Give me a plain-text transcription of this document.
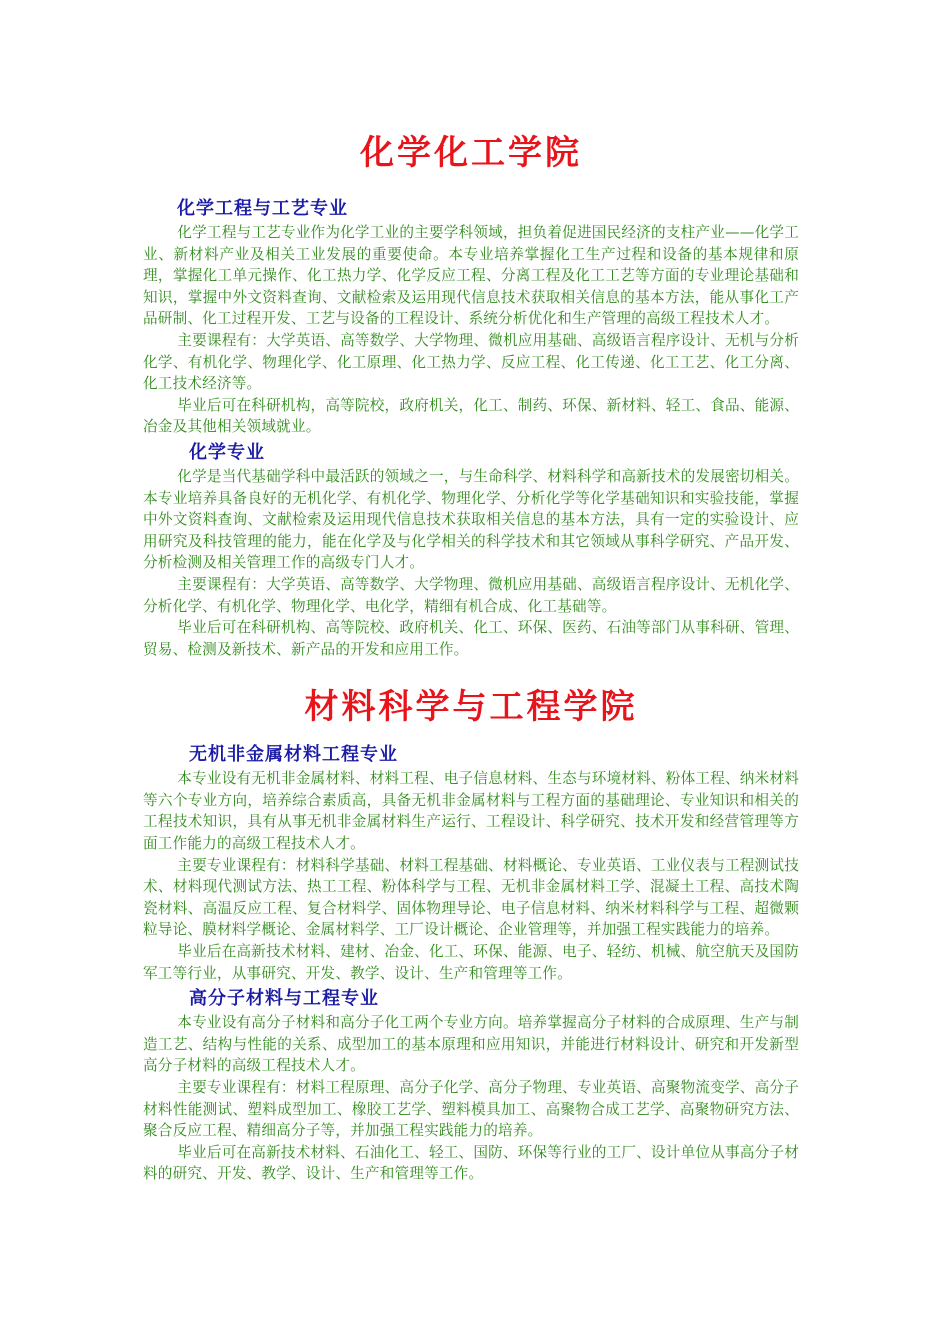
化学化工学院
化学工程与工艺专业

化学工程与工艺专业作为化学工业的主要学科领域，担负着促进国民经济的支柱产业——化学工业、新材料产业及相关工业发展的重要使命。本专业培养掌握化工生产过程和设备的基本规律和原理，掌握化工单元操作、化工热力学、化学反应工程、分离工程及化工工艺等方面的专业理论基础和知识，掌握中外文资料查询、文献检索及运用现代信息技术获取相关信息的基本方法，能从事化工产品研制、化工过程开发、工艺与设备的工程设计、系统分析优化和生产管理的高级工程技术人才。

主要课程有：大学英语、高等数学、大学物理、微机应用基础、高级语言程序设计、无机与分析化学、有机化学、物理化学、化工原理、化工热力学、反应工程、化工传递、化工工艺、化工分离、化工技术经济等。

毕业后可在科研机构，高等院校，政府机关，化工、制药、环保、新材料、轻工、食品、能源、冶金及其他相关领域就业。

化学专业

化学是当代基础学科中最活跃的领域之一，与生命科学、材料科学和高新技术的发展密切相关。本专业培养具备良好的无机化学、有机化学、物理化学、分析化学等化学基础知识和实验技能，掌握中外文资料查询、文献检索及运用现代信息技术获取相关信息的基本方法，具有一定的实验设计、应用研究及科技管理的能力，能在化学及与化学相关的科学技术和其它领域从事科学研究、产品开发、分析检测及相关管理工作的高级专门人才。

主要课程有：大学英语、高等数学、大学物理、微机应用基础、高级语言程序设计、无机化学、分析化学、有机化学、物理化学、电化学，精细有机合成、化工基础等。

毕业后可在科研机构、高等院校、政府机关、化工、环保、医药、石油等部门从事科研、管理、贸易、检测及新技术、新产品的开发和应用工作。

材料科学与工程学院
无机非金属材料工程专业

本专业设有无机非金属材料、材料工程、电子信息材料、生态与环境材料、粉体工程、纳米材料等六个专业方向，培养综合素质高，具备无机非金属材料与工程方面的基础理论、专业知识和相关的工程技术知识，具有从事无机非金属材料生产运行、工程设计、科学研究、技术开发和经营管理等方面工作能力的高级工程技术人才。

主要专业课程有：材料科学基础、材料工程基础、材料概论、专业英语、工业仪表与工程测试技术、材料现代测试方法、热工工程、粉体科学与工程、无机非金属材料工学、混凝土工程、高技术陶瓷材料、高温反应工程、复合材料学、固体物理导论、电子信息材料、纳米材料科学与工程、超微颗粒导论、膜材料学概论、金属材料学、工厂设计概论、企业管理等，并加强工程实践能力的培养。

毕业后在高新技术材料、建材、冶金、化工、环保、能源、电子、轻纺、机械、航空航天及国防军工等行业，从事研究、开发、教学、设计、生产和管理等工作。

高分子材料与工程专业

本专业设有高分子材料和高分子化工两个专业方向。培养掌握高分子材料的合成原理、生产与制造工艺、结构与性能的关系、成型加工的基本原理和应用知识，并能进行材料设计、研究和开发新型高分子材料的高级工程技术人才。

主要专业课程有：材料工程原理、高分子化学、高分子物理、专业英语、高聚物流变学、高分子材料性能测试、塑料成型加工、橡胶工艺学、塑料模具加工、高聚物合成工艺学、高聚物研究方法、聚合反应工程、精细高分子等，并加强工程实践能力的培养。

毕业后可在高新技术材料、石油化工、轻工、国防、环保等行业的工厂、设计单位从事高分子材料的研究、开发、教学、设计、生产和管理等工作。
